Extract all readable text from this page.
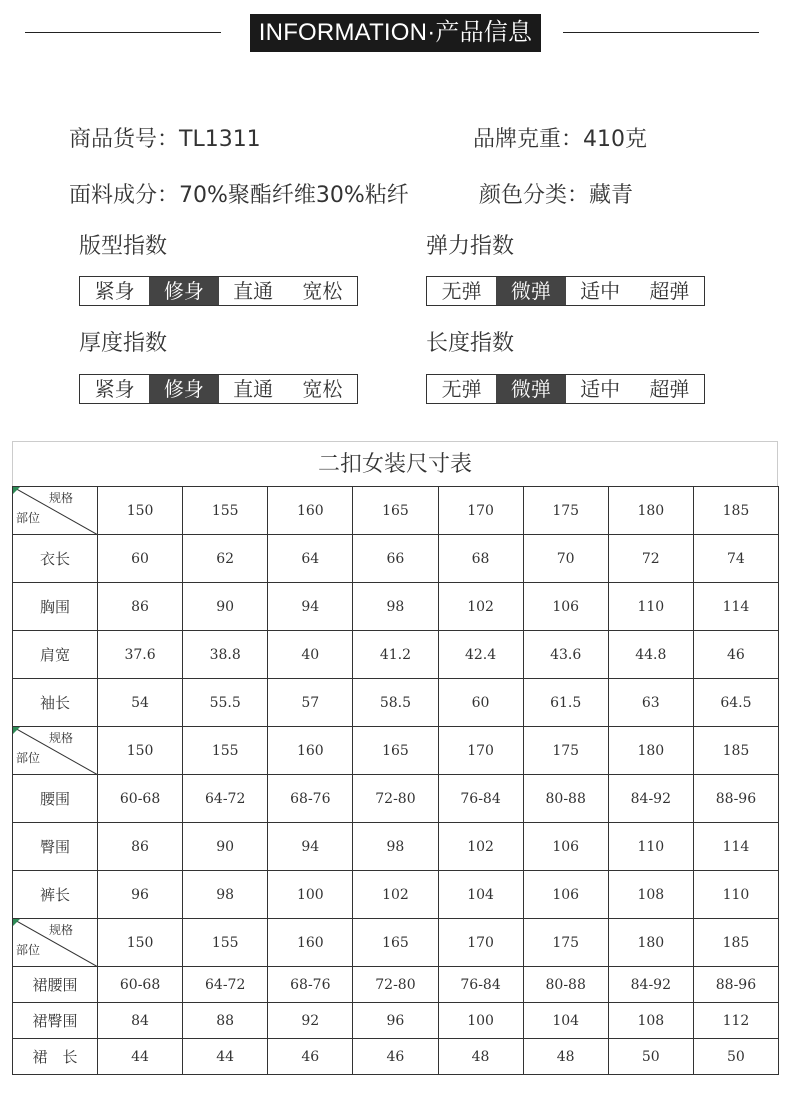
INFORMATION·产品信息
商品货号：TL1311	品牌克重：410克
面料成分：70%聚酯纤维30%粘纤	颜色分类：藏青
版型指数
紧身	修身	直通	宽松
弹力指数
无弹	微弹	适中	超弹
厚度指数
紧身	修身	直通	宽松
长度指数
无弹	微弹	适中	超弹
二扣女装尺寸表
规格
部位	150	155	160	165	170	175	180	185
衣长	60	62	64	66	68	70	72	74
胸围	86	90	94	98	102	106	110	114
肩宽	37.6	38.8	40	41.2	42.4	43.6	44.8	46
袖长	54	55.5	57	58.5	60	61.5	63	64.5

规格
部位	150	155	160	165	170	175	180	185
腰围	60-68	64-72	68-76	72-80	76-84	80-88	84-92	88-96
臀围	86	90	94	98	102	106	110	114
裤长	96	98	100	102	104	106	108	110

规格
部位	150	155	160	165	170	175	180	185
裙腰围	60-68	64-72	68-76	72-80	76-84	80-88	84-92	88-96
裙臀围	84	88	92	96	100	104	108	112
裙　长	44	44	46	46	48	48	50	50
